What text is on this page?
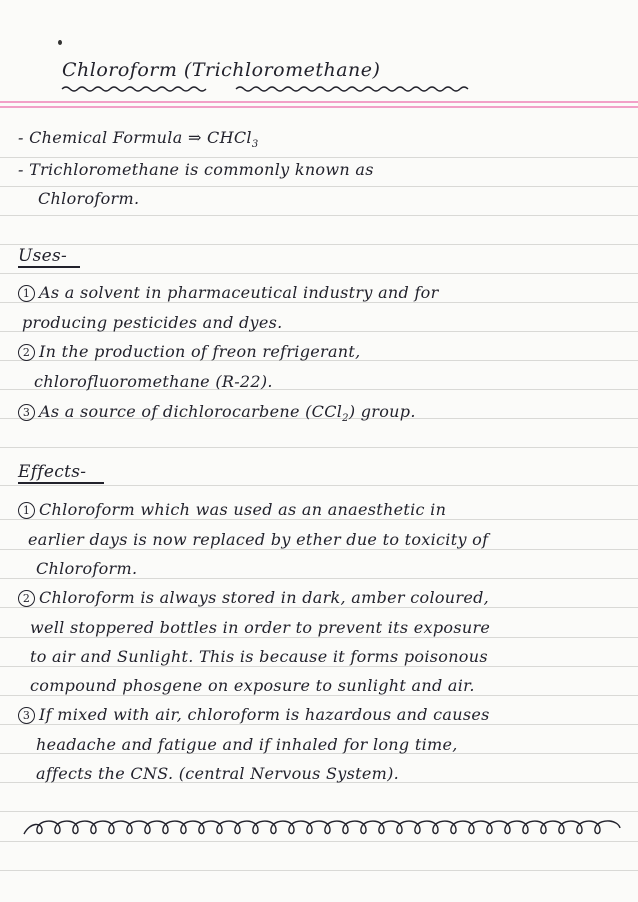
Chloroform (Trichloromethane)
- Chemical Formula ⇒ CHCl$_3$
- Trichloromethane is commonly known as
Chloroform.
Uses-
1 As a solvent in pharmaceutical industry and for
producing pesticides and dyes.
2 In the production of freon refrigerant,
chlorofluoromethane (R-22).
3 As a source of dichlorocarbene (CCl$_2$) group.
Effects-
1 Chloroform which was used as an anaesthetic in
earlier days is now replaced by ether due to toxicity of
Chloroform.
2 Chloroform is always stored in dark, amber coloured,
well stoppered bottles in order to prevent its exposure
to air and Sunlight. This is because it forms poisonous
compound phosgene on exposure to sunlight and air.
3 If mixed with air, chloroform is hazardous and causes
headache and fatigue and if inhaled for long time,
affects the CNS. (central Nervous System).
